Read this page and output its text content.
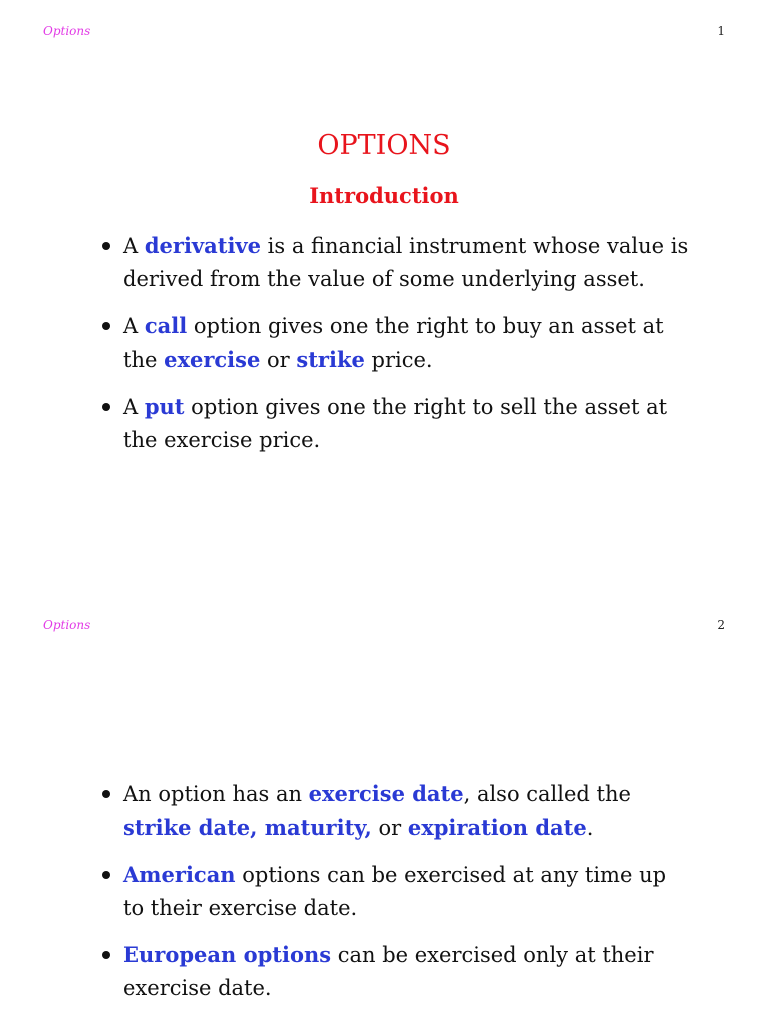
Options	1
OPTIONS
Introduction
A derivative is a financial instrument whose value is derived from the value of some underlying asset.
A call option gives one the right to buy an asset at the exercise or strike price.
A put option gives one the right to sell the asset at the exercise price.
Options	2
An option has an exercise date, also called the strike date, maturity, or expiration date.
American options can be exercised at any time up to their exercise date.
European options can be exercised only at their exercise date.
